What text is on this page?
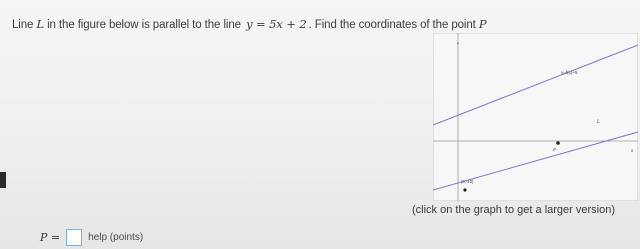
Line L in the figure below is parallel to the line y = 5x + 2 . Find the coordinates of the point P
y=f(x)+5
L
P
(8,-10)
•
x
(click on the graph to get a larger version)
P =	help (points)
